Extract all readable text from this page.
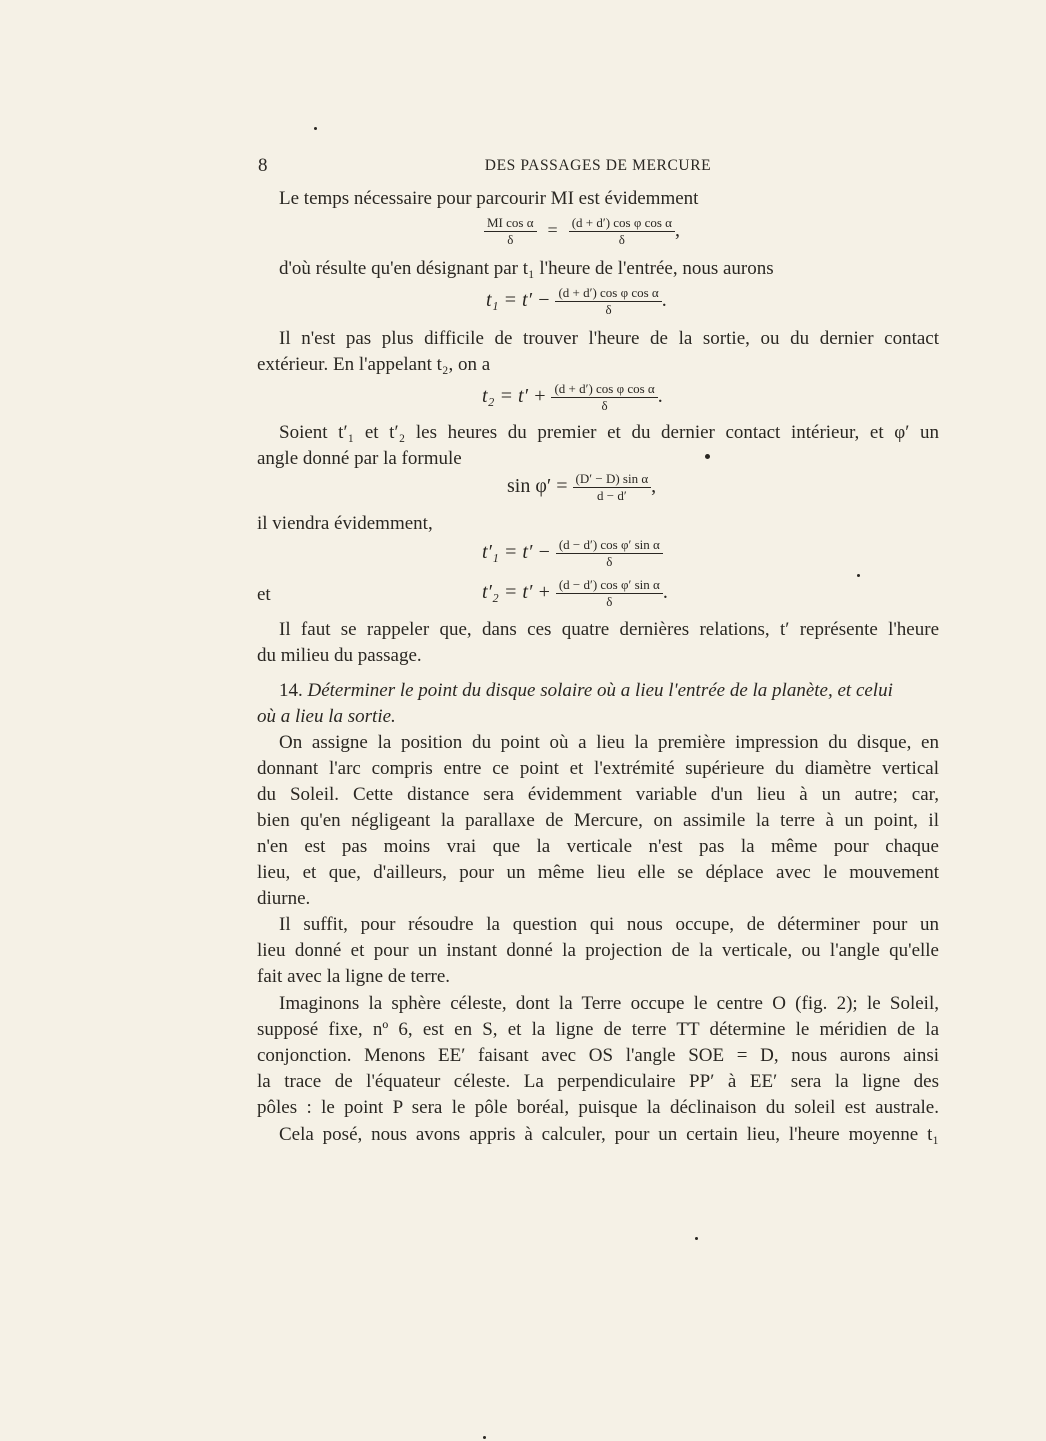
8	DES PASSAGES DE MERCURE
Le temps nécessaire pour parcourir MI est évidemment
$\frac{\text{MI cos α}}{\delta} = \frac{\text{(d + d′) cos φ cos α}}{\delta}$ ,
d'où résulte qu'en désignant par t₁ l'heure de l'entrée, nous aurons
$t_1 = t' - \frac{\text{(d + d′) cos φ cos α}}{\delta}$ .
Il n'est pas plus difficile de trouver l'heure de la sortie, ou du dernier contact
extérieur. En l'appelant t₂, on a
$t_2 = t' + \frac{\text{(d + d′) cos φ cos α}}{\delta}$ .
Soient t′₁ et t′₂ les heures du premier et du dernier contact intérieur, et φ′ un
angle donné par la formule
$\sin \varphi' = \frac{\text{(D′ − D) sin α}}{d - d'}$ ,
il viendra évidemment,
$t'_1 = t' - \frac{\text{(d − d′) cos φ′ sin α}}{\delta}$
et	$t'_2 = t' + \frac{\text{(d − d′) cos φ′ sin α}}{\delta}$ .
Il faut se rappeler que, dans ces quatre dernières relations, t′ représente l'heure
du milieu du passage.
14. Déterminer le point du disque solaire où a lieu l'entrée de la planète, et celui
où a lieu la sortie.
On assigne la position du point où a lieu la première impression du disque, en
donnant l'arc compris entre ce point et l'extrémité supérieure du diamètre vertical
du Soleil. Cette distance sera évidemment variable d'un lieu à un autre; car,
bien qu'en négligeant la parallaxe de Mercure, on assimile la terre à un point, il
n'en est pas moins vrai que la verticale n'est pas la même pour chaque
lieu, et que, d'ailleurs, pour un même lieu elle se déplace avec le mouvement
diurne.
Il suffit, pour résoudre la question qui nous occupe, de déterminer pour un
lieu donné et pour un instant donné la projection de la verticale, ou l'angle qu'elle
fait avec la ligne de terre.
Imaginons la sphère céleste, dont la Terre occupe le centre O (fig. 2); le Soleil,
supposé fixe, nº 6, est en S, et la ligne de terre TT détermine le méridien de la
conjonction. Menons EE′ faisant avec OS l'angle SOE = D, nous aurons ainsi
la trace de l'équateur céleste. La perpendiculaire PP′ à EE′ sera la ligne des
pôles : le point P sera le pôle boréal, puisque la déclinaison du soleil est australe.
Cela posé, nous avons appris à calculer, pour un certain lieu, l'heure moyenne t₁
